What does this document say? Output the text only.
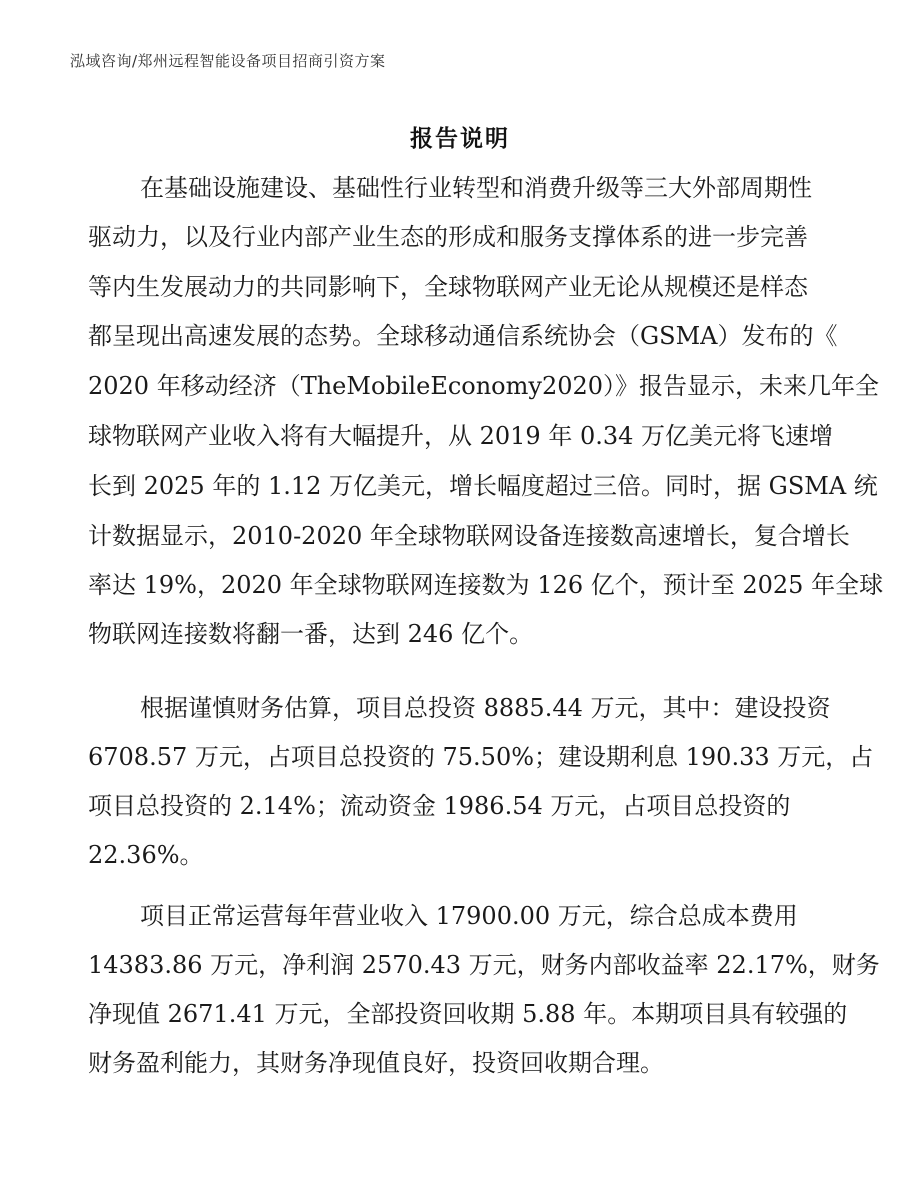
泓域咨询/郑州远程智能设备项目招商引资方案
报告说明
在基础设施建设、基础性行业转型和消费升级等三大外部周期性
驱动力，以及行业内部产业生态的形成和服务支撑体系的进一步完善
等内生发展动力的共同影响下，全球物联网产业无论从规模还是样态
都呈现出高速发展的态势。全球移动通信系统协会（GSMA）发布的《
2020 年移动经济（TheMobileEconomy2020）》报告显示，未来几年全
球物联网产业收入将有大幅提升，从 2019 年 0.34 万亿美元将飞速增
长到 2025 年的 1.12 万亿美元，增长幅度超过三倍。同时，据 GSMA 统
计数据显示，2010-2020 年全球物联网设备连接数高速增长，复合增长
率达 19%，2020 年全球物联网连接数为 126 亿个，预计至 2025 年全球
物联网连接数将翻一番，达到 246 亿个。
根据谨慎财务估算，项目总投资 8885.44 万元，其中：建设投资
6708.57 万元，占项目总投资的 75.50%；建设期利息 190.33 万元，占
项目总投资的 2.14%；流动资金 1986.54 万元，占项目总投资的
22.36%。
项目正常运营每年营业收入 17900.00 万元，综合总成本费用
14383.86 万元，净利润 2570.43 万元，财务内部收益率 22.17%，财务
净现值 2671.41 万元，全部投资回收期 5.88 年。本期项目具有较强的
财务盈利能力，其财务净现值良好，投资回收期合理。
